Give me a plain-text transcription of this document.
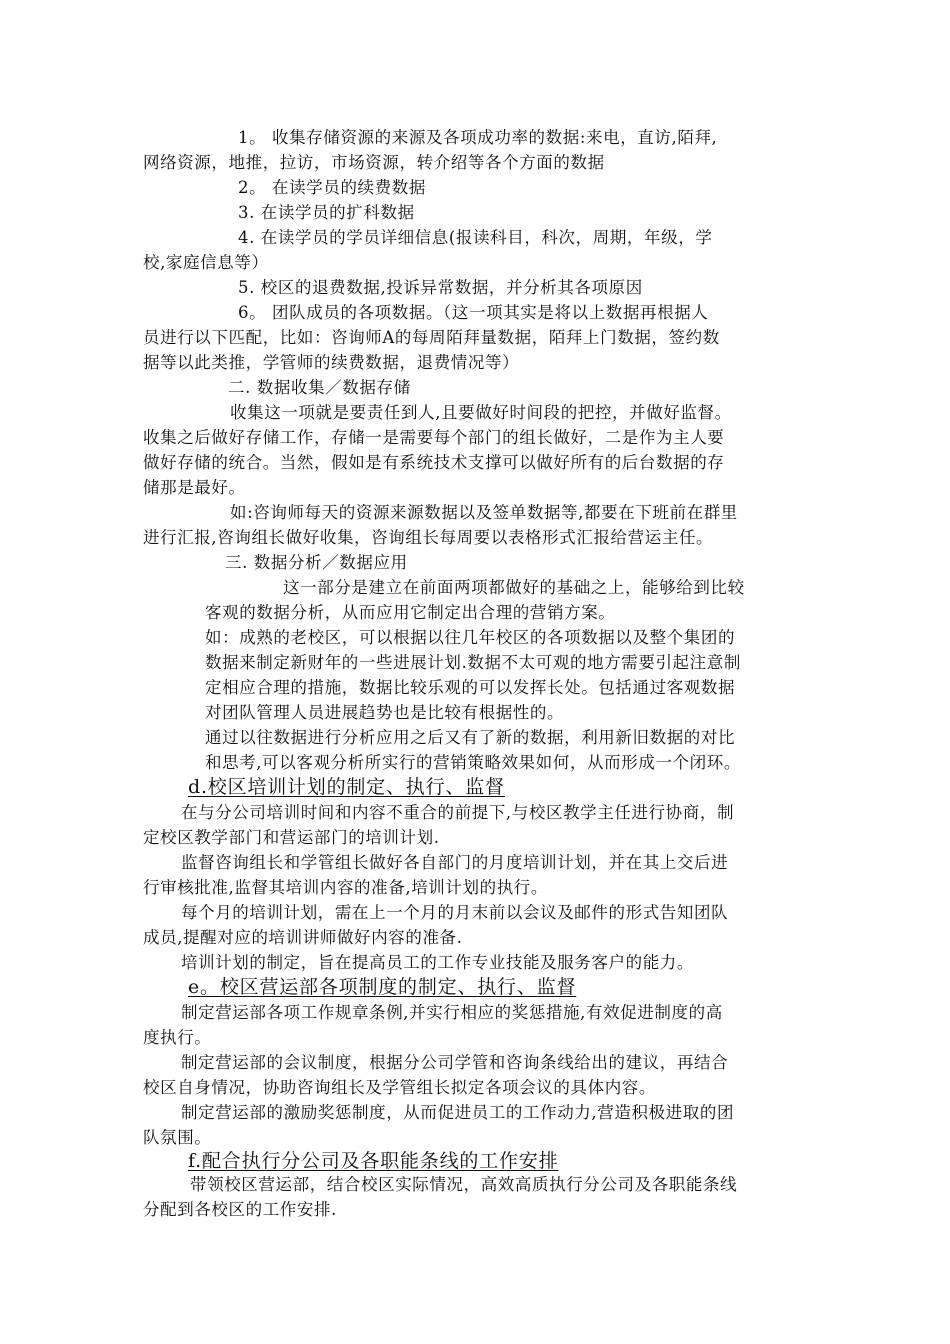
1。 收集存储资源的来源及各项成功率的数据:来电，直访,陌拜,
网络资源，地推，拉访，市场资源，转介绍等各个方面的数据
2。 在读学员的续费数据
3. 在读学员的扩科数据
4. 在读学员的学员详细信息(报读科目，科次，周期，年级，学
校,家庭信息等）
5. 校区的退费数据,投诉异常数据，并分析其各项原因
6。 团队成员的各项数据。（这一项其实是将以上数据再根据人
员进行以下匹配，比如：咨询师A的每周陌拜量数据，陌拜上门数据，签约数
据等以此类推，学管师的续费数据，退费情况等）
二. 数据收集／数据存储
收集这一项就是要责任到人,且要做好时间段的把控，并做好监督。
收集之后做好存储工作，存储一是需要每个部门的组长做好，二是作为主人要
做好存储的统合。当然，假如是有系统技术支撑可以做好所有的后台数据的存
储那是最好。
如:咨询师每天的资源来源数据以及签单数据等,都要在下班前在群里
进行汇报,咨询组长做好收集，咨询组长每周要以表格形式汇报给营运主任。
三. 数据分析／数据应用
这一部分是建立在前面两项都做好的基础之上，能够给到比较
客观的数据分析，从而应用它制定出合理的营销方案。
如：成熟的老校区，可以根据以往几年校区的各项数据以及整个集团的
数据来制定新财年的一些进展计划.数据不太可观的地方需要引起注意制
定相应合理的措施，数据比较乐观的可以发挥长处。包括通过客观数据
对团队管理人员进展趋势也是比较有根据性的。
通过以往数据进行分析应用之后又有了新的数据，利用新旧数据的对比
和思考,可以客观分析所实行的营销策略效果如何，从而形成一个闭环。
d.校区培训计划的制定、执行、监督
在与分公司培训时间和内容不重合的前提下,与校区教学主任进行协商，制
定校区教学部门和营运部门的培训计划.
监督咨询组长和学管组长做好各自部门的月度培训计划，并在其上交后进
行审核批准,监督其培训内容的准备,培训计划的执行。
每个月的培训计划，需在上一个月的月末前以会议及邮件的形式告知团队
成员,提醒对应的培训讲师做好内容的准备.
培训计划的制定，旨在提高员工的工作专业技能及服务客户的能力。
e。校区营运部各项制度的制定、执行、监督
制定营运部各项工作规章条例,并实行相应的奖惩措施,有效促进制度的高
度执行。
制定营运部的会议制度，根据分公司学管和咨询条线给出的建议，再结合
校区自身情况，协助咨询组长及学管组长拟定各项会议的具体内容。
制定营运部的激励奖惩制度，从而促进员工的工作动力,营造积极进取的团
队氛围。
f.配合执行分公司及各职能条线的工作安排
带领校区营运部，结合校区实际情况，高效高质执行分公司及各职能条线
分配到各校区的工作安排.
